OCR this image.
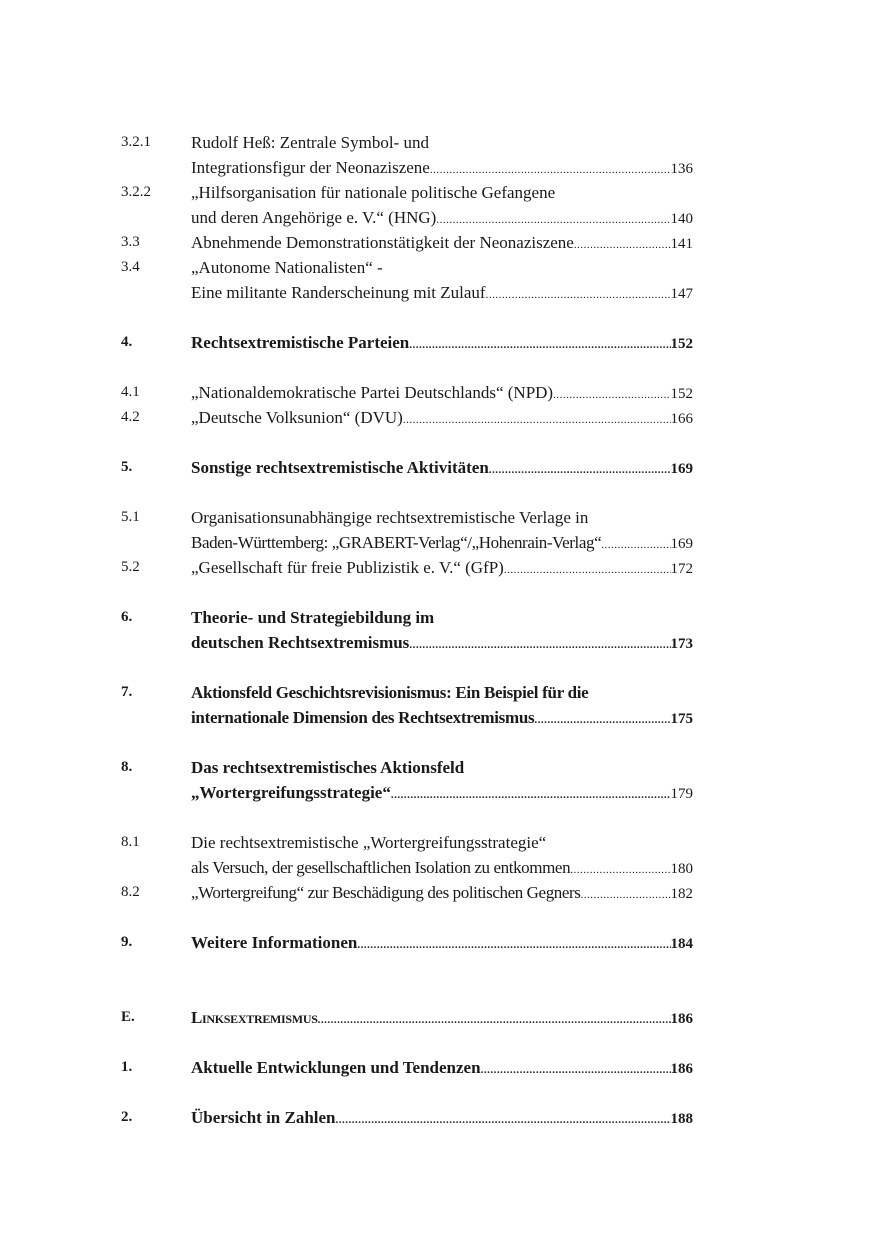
3.2.1	Rudolf Heß: Zentrale Symbol- und
Integrationsfigur der Neonaziszene .....	136
3.2.2	„Hilfsorganisation für nationale politische Gefangene
und deren Angehörige e. V.“ (HNG) .....	140
3.3	Abnehmende Demonstrationstätigkeit der Neonaziszene .....	141
3.4	„Autonome Nationalisten“ -
Eine militante Randerscheinung mit Zulauf .....	147
4.	Rechtsextremistische Parteien .....	152
4.1	„Nationaldemokratische Partei Deutschlands“ (NPD) .....	152
4.2	„Deutsche Volksunion“ (DVU) .....	166
5.	Sonstige rechtsextremistische Aktivitäten .....	169
5.1	Organisationsunabhängige rechtsextremistische Verlage in
Baden-Württemberg: „GRABERT-Verlag“/„Hohenrain-Verlag“ .....	169
5.2	„Gesellschaft für freie Publizistik e. V.“ (GfP) .....	172
6.	Theorie- und Strategiebildung im
deutschen Rechtsextremismus .....	173
7.	Aktionsfeld Geschichtsrevisionismus: Ein Beispiel für die
internationale Dimension des Rechtsextremismus .....	175
8.	Das rechtsextremistisches Aktionsfeld
„Wortergreifungsstrategie“ .....	179
8.1	Die rechtsextremistische „Wortergreifungsstrategie“
als Versuch, der gesellschaftlichen Isolation zu entkommen .....	180
8.2	„Wortergreifung“ zur Beschädigung des politischen Gegners .....	182
9.	Weitere Informationen .....	184
E.	Linksextremismus .....	186
1.	Aktuelle Entwicklungen und Tendenzen .....	186
2.	Übersicht in Zahlen .....	188
